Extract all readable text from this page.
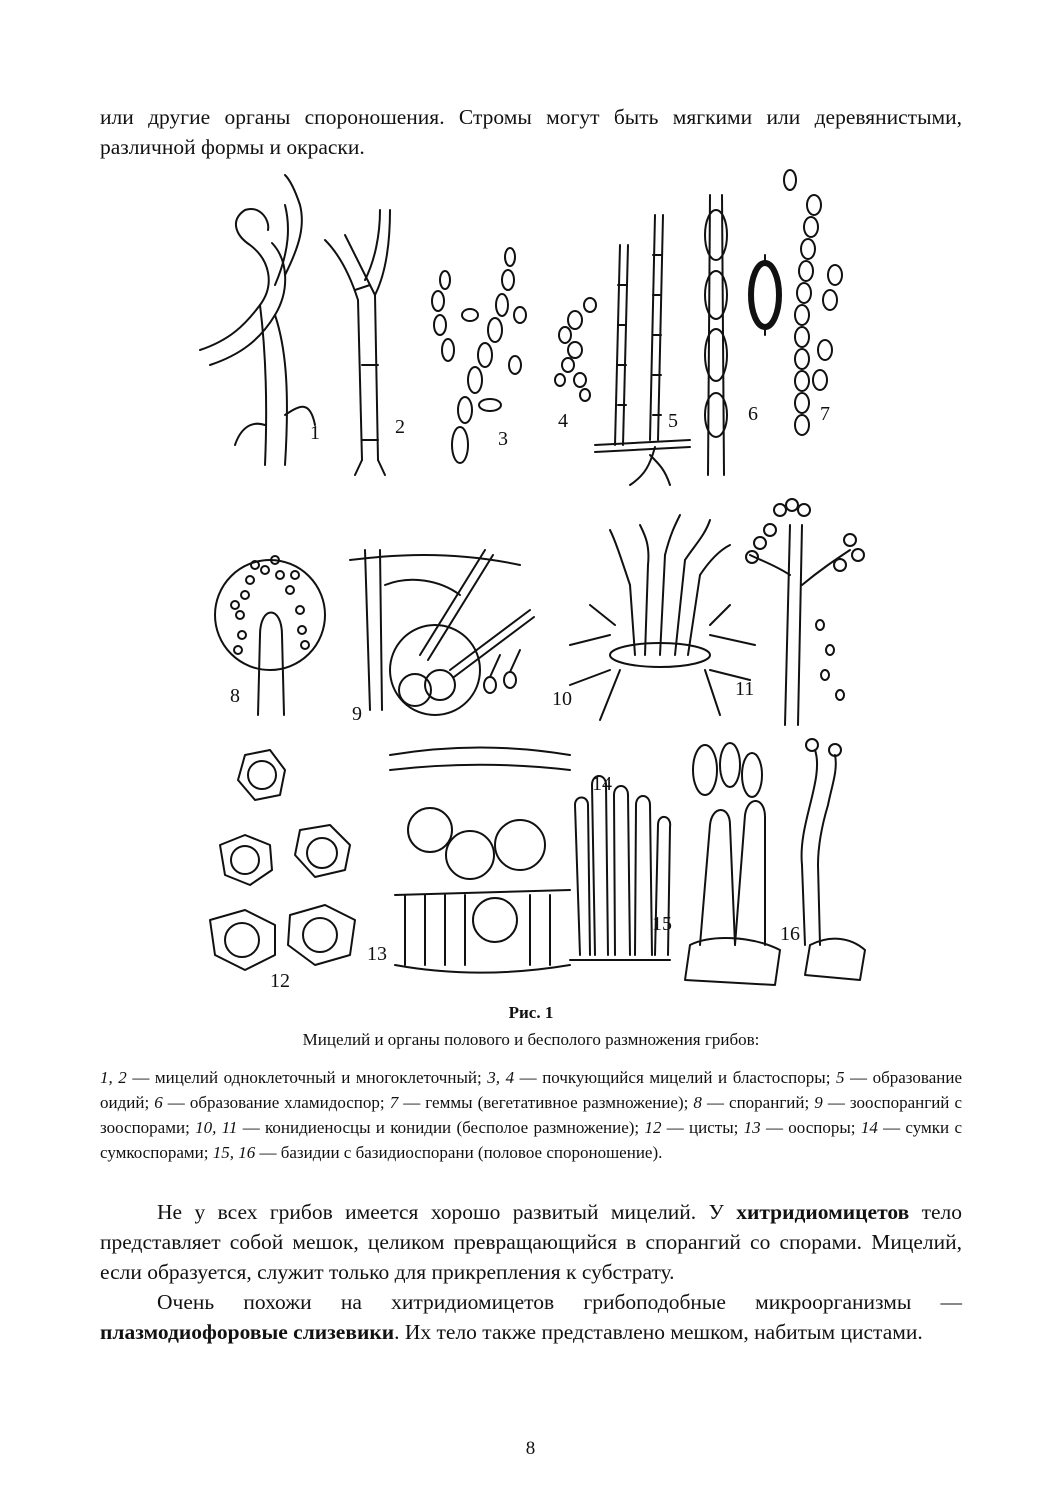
или другие органы спороношения. Стромы могут быть мягкими или деревянистыми, различной формы и окраски.

1	2
3
4	5	6	7
8
9
10	11
12
13
14
15	16
Рис. 1
Мицелий и органы полового и бесполого размножения грибов:
1, 2 — мицелий одноклеточный и многоклеточный; 3, 4 — почкующийся мицелий и бластоспоры; 5 — образование оидий; 6 — образование хламидоспор; 7 — геммы (вегетативное размножение); 8 — спорангий; 9 — зооспорангий с зооспорами; 10, 11 — конидиеносцы и конидии (бесполое размножение); 12 — цисты; 13 — ооспоры; 14 — сумки с сумкоспорами; 15, 16 — базидии с базидиоспорани (половое спороношение).

Не у всех грибов имеется хорошо развитый мицелий. У хитридиомицетов тело представляет собой мешок, целиком превращающийся в спорангий со спорами. Мицелий, если образуется, служит только для прикрепления к субстрату.

Очень похожи на хитридиомицетов грибоподобные микроорганизмы — плазмодиофоровые слизевики. Их тело также представлено мешком, набитым цистами.

8
